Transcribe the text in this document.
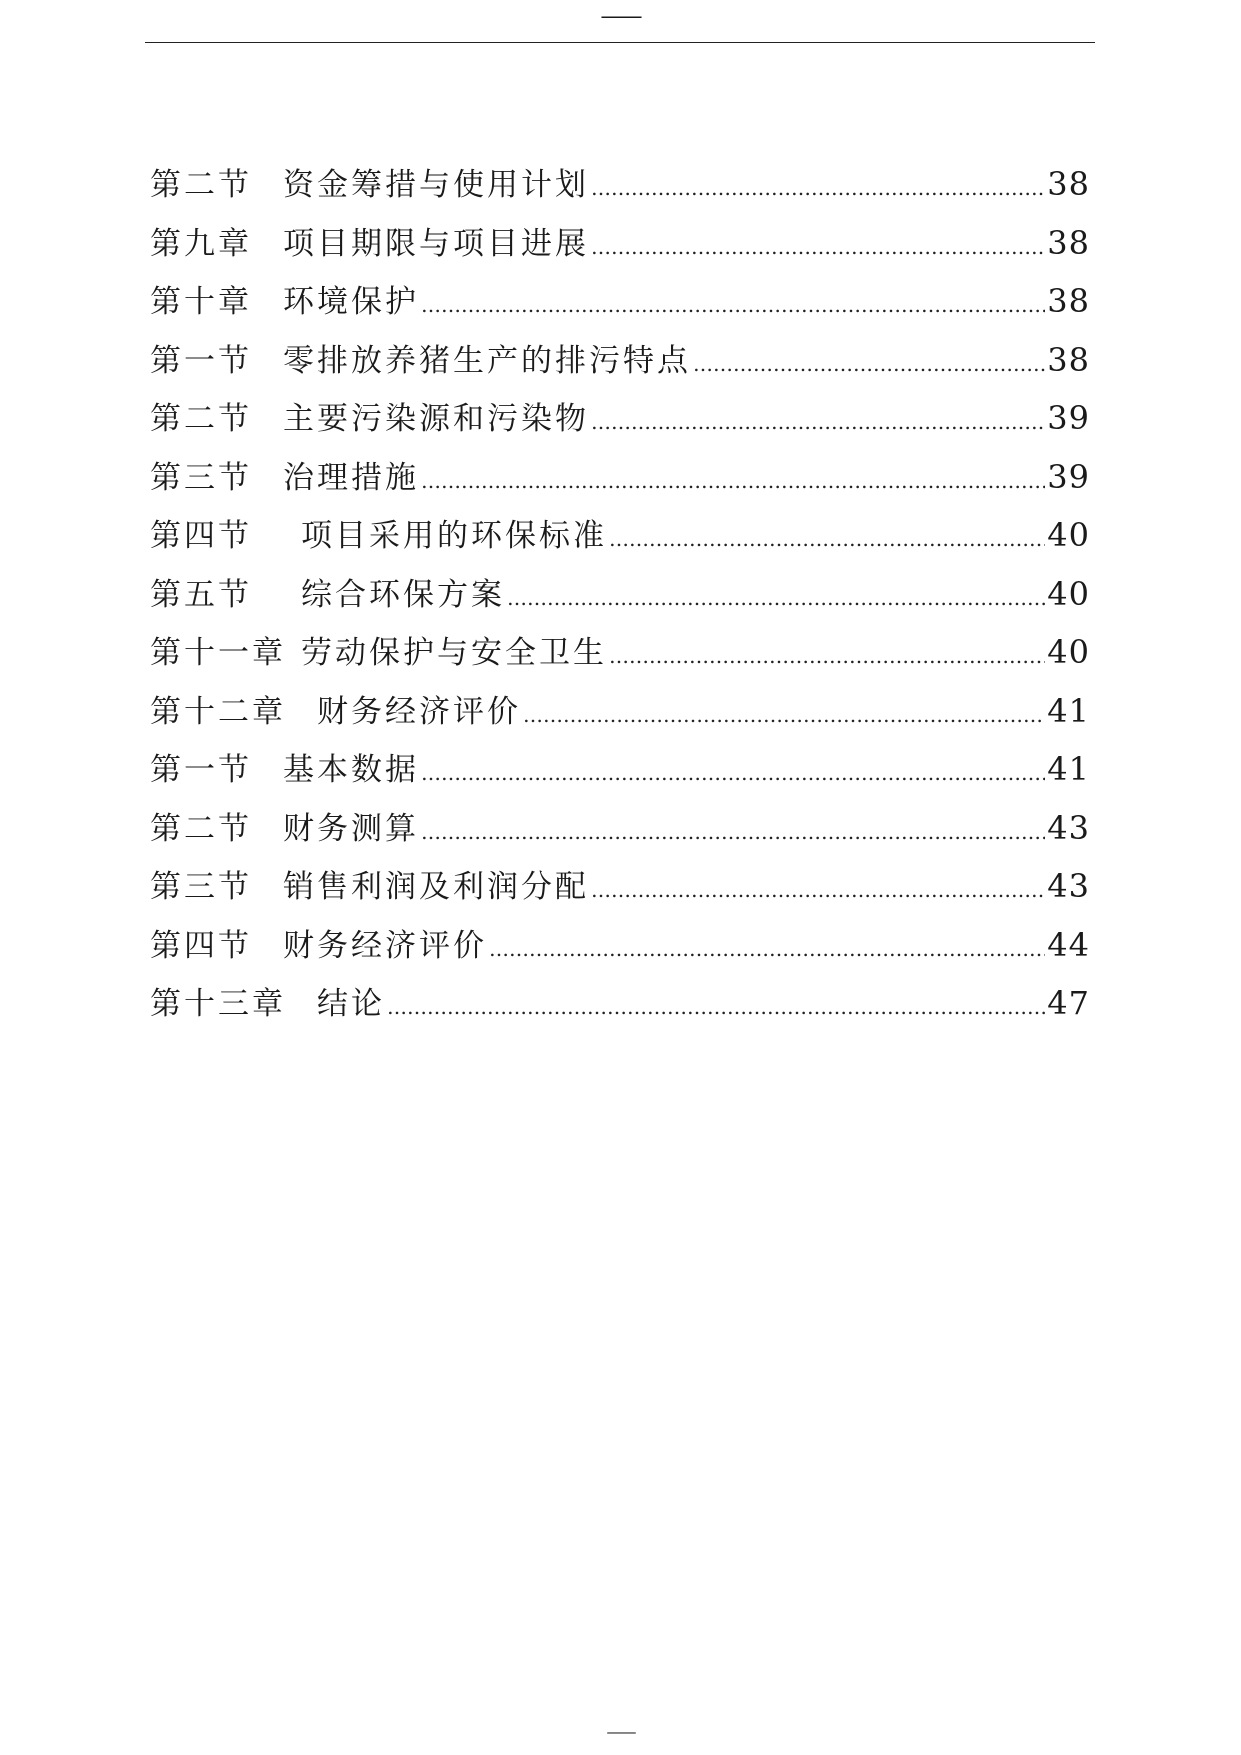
——
第二节	资金筹措与使用计划 ………………………………………………………………………………………………………………………………………………	38
第九章	项目期限与项目进展 ………………………………………………………………………………………………………………………………………………	38
第十章	环境保护 ………………………………………………………………………………………………………………………………………………	38
第一节	零排放养猪生产的排污特点 ………………………………………………………………………………………………………………………………………………	38
第二节	主要污染源和污染物 ………………………………………………………………………………………………………………………………………………	39
第三节	治理措施 ………………………………………………………………………………………………………………………………………………	39
第四节	项目采用的环保标准 ………………………………………………………………………………………………………………………………………………	40
第五节	综合环保方案 ………………………………………………………………………………………………………………………………………………	40
第十一章 劳动保护与安全卫生 ………………………………………………………………………………………………………………………………………………	40
第十二章	财务经济评价 ………………………………………………………………………………………………………………………………………………	41
第一节	基本数据 ………………………………………………………………………………………………………………………………………………	41
第二节	财务测算 ………………………………………………………………………………………………………………………………………………	43
第三节	销售利润及利润分配 ………………………………………………………………………………………………………………………………………………	43
第四节	财务经济评价 ………………………………………………………………………………………………………………………………………………	44
第十三章	结论 ………………………………………………………………………………………………………………………………………………	47
——
